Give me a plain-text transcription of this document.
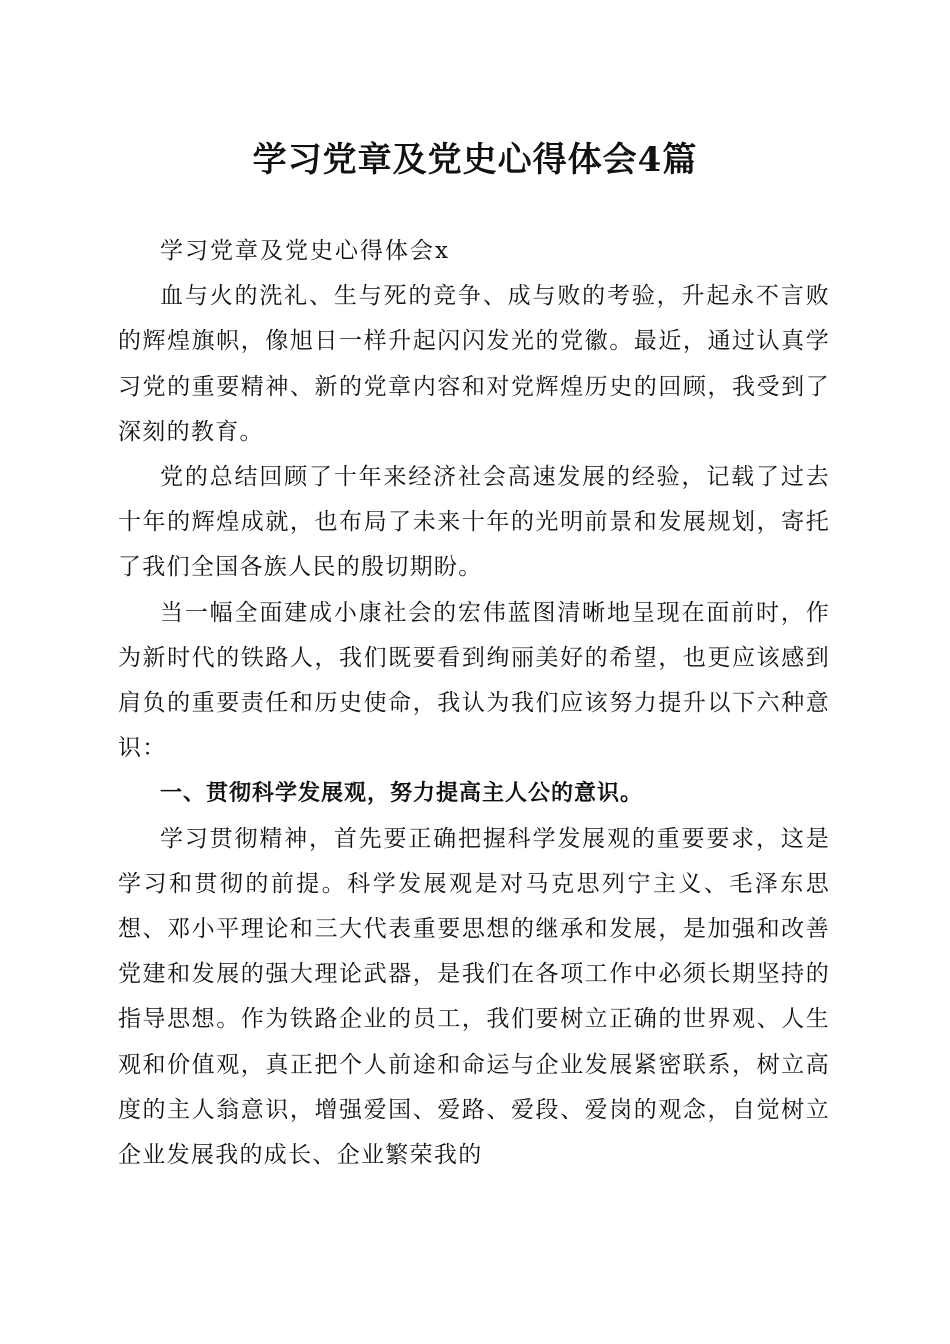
学习党章及党史心得体会4篇

学习党章及党史心得体会x

血与火的洗礼、生与死的竞争、成与败的考验，升起永不言败的辉煌旗帜，像旭日一样升起闪闪发光的党徽。最近，通过认真学习党的重要精神、新的党章内容和对党辉煌历史的回顾，我受到了深刻的教育。

党的总结回顾了十年来经济社会高速发展的经验，记载了过去十年的辉煌成就，也布局了未来十年的光明前景和发展规划，寄托了我们全国各族人民的殷切期盼。

当一幅全面建成小康社会的宏伟蓝图清晰地呈现在面前时，作为新时代的铁路人，我们既要看到绚丽美好的希望，也更应该感到肩负的重要责任和历史使命，我认为我们应该努力提升以下六种意识：

一、贯彻科学发展观，努力提高主人公的意识。

学习贯彻精神，首先要正确把握科学发展观的重要要求，这是学习和贯彻的前提。科学发展观是对马克思列宁主义、毛泽东思想、邓小平理论和三大代表重要思想的继承和发展，是加强和改善党建和发展的强大理论武器，是我们在各项工作中必须长期坚持的指导思想。作为铁路企业的员工，我们要树立正确的世界观、人生观和价值观，真正把个人前途和命运与企业发展紧密联系，树立高度的主人翁意识，增强爱国、爱路、爱段、爱岗的观念，自觉树立企业发展我的成长、企业繁荣我的
